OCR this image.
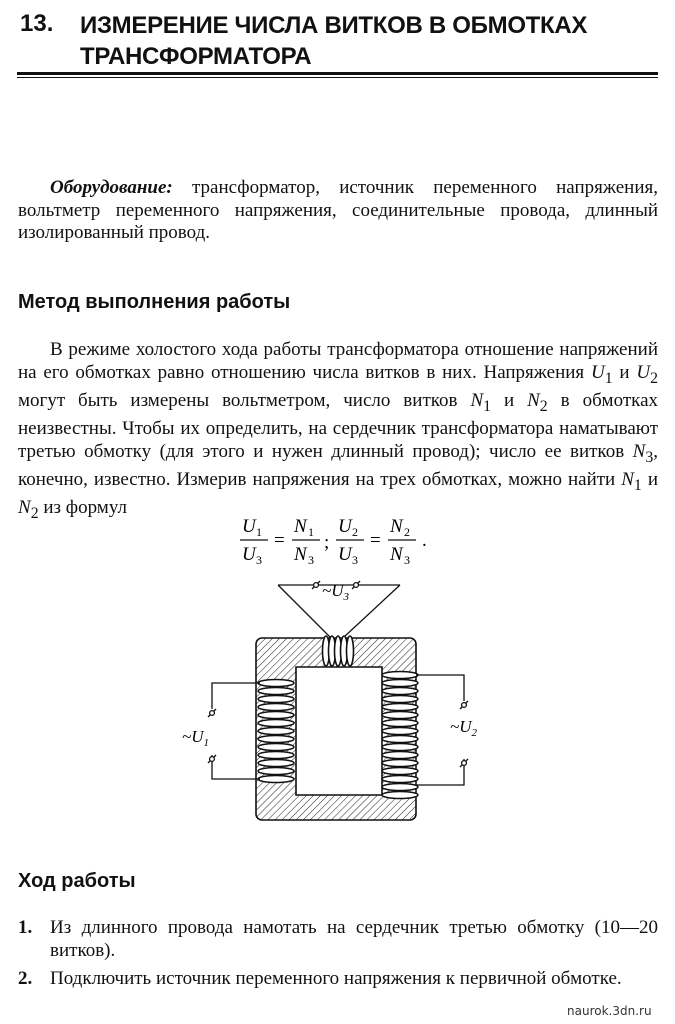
13. ИЗМЕРЕНИЕ ЧИСЛА ВИТКОВ В ОБМОТКАХ ТРАНСФОРМАТОРА
Оборудование: трансформатор, источник переменного напряжения, вольтметр переменного напряжения, соединительные провода, длинный изолированный провод.
Метод выполнения работы
В режиме холостого хода работы трансформатора отношение напряжений на его обмотках равно отношению числа витков в них. Напряжения $U_1$ и $U_2$ могут быть измерены вольтметром, число витков $N_1$ и $N_2$ в обмотках неизвестны. Чтобы их определить, на сердечник трансформатора наматывают третью обмотку (для этого и нужен длинный провод); число ее витков $N_3$, конечно, известно. Измерив напряжения на трех обмотках, можно найти $N_1$ и $N_2$ из формул
U 1
U 3
=
N 1
N 3
;
U 2
U 3
=
N 2
N 3
.
$\sim U_3$
$\sim U_1$
$\sim U_2$
Ход работы
1. Из длинного провода намотать на сердечник третью обмотку (10—20 витков).
2. Подключить источник переменного напряжения к первичной обмотке.
naurok.3dn.ru
